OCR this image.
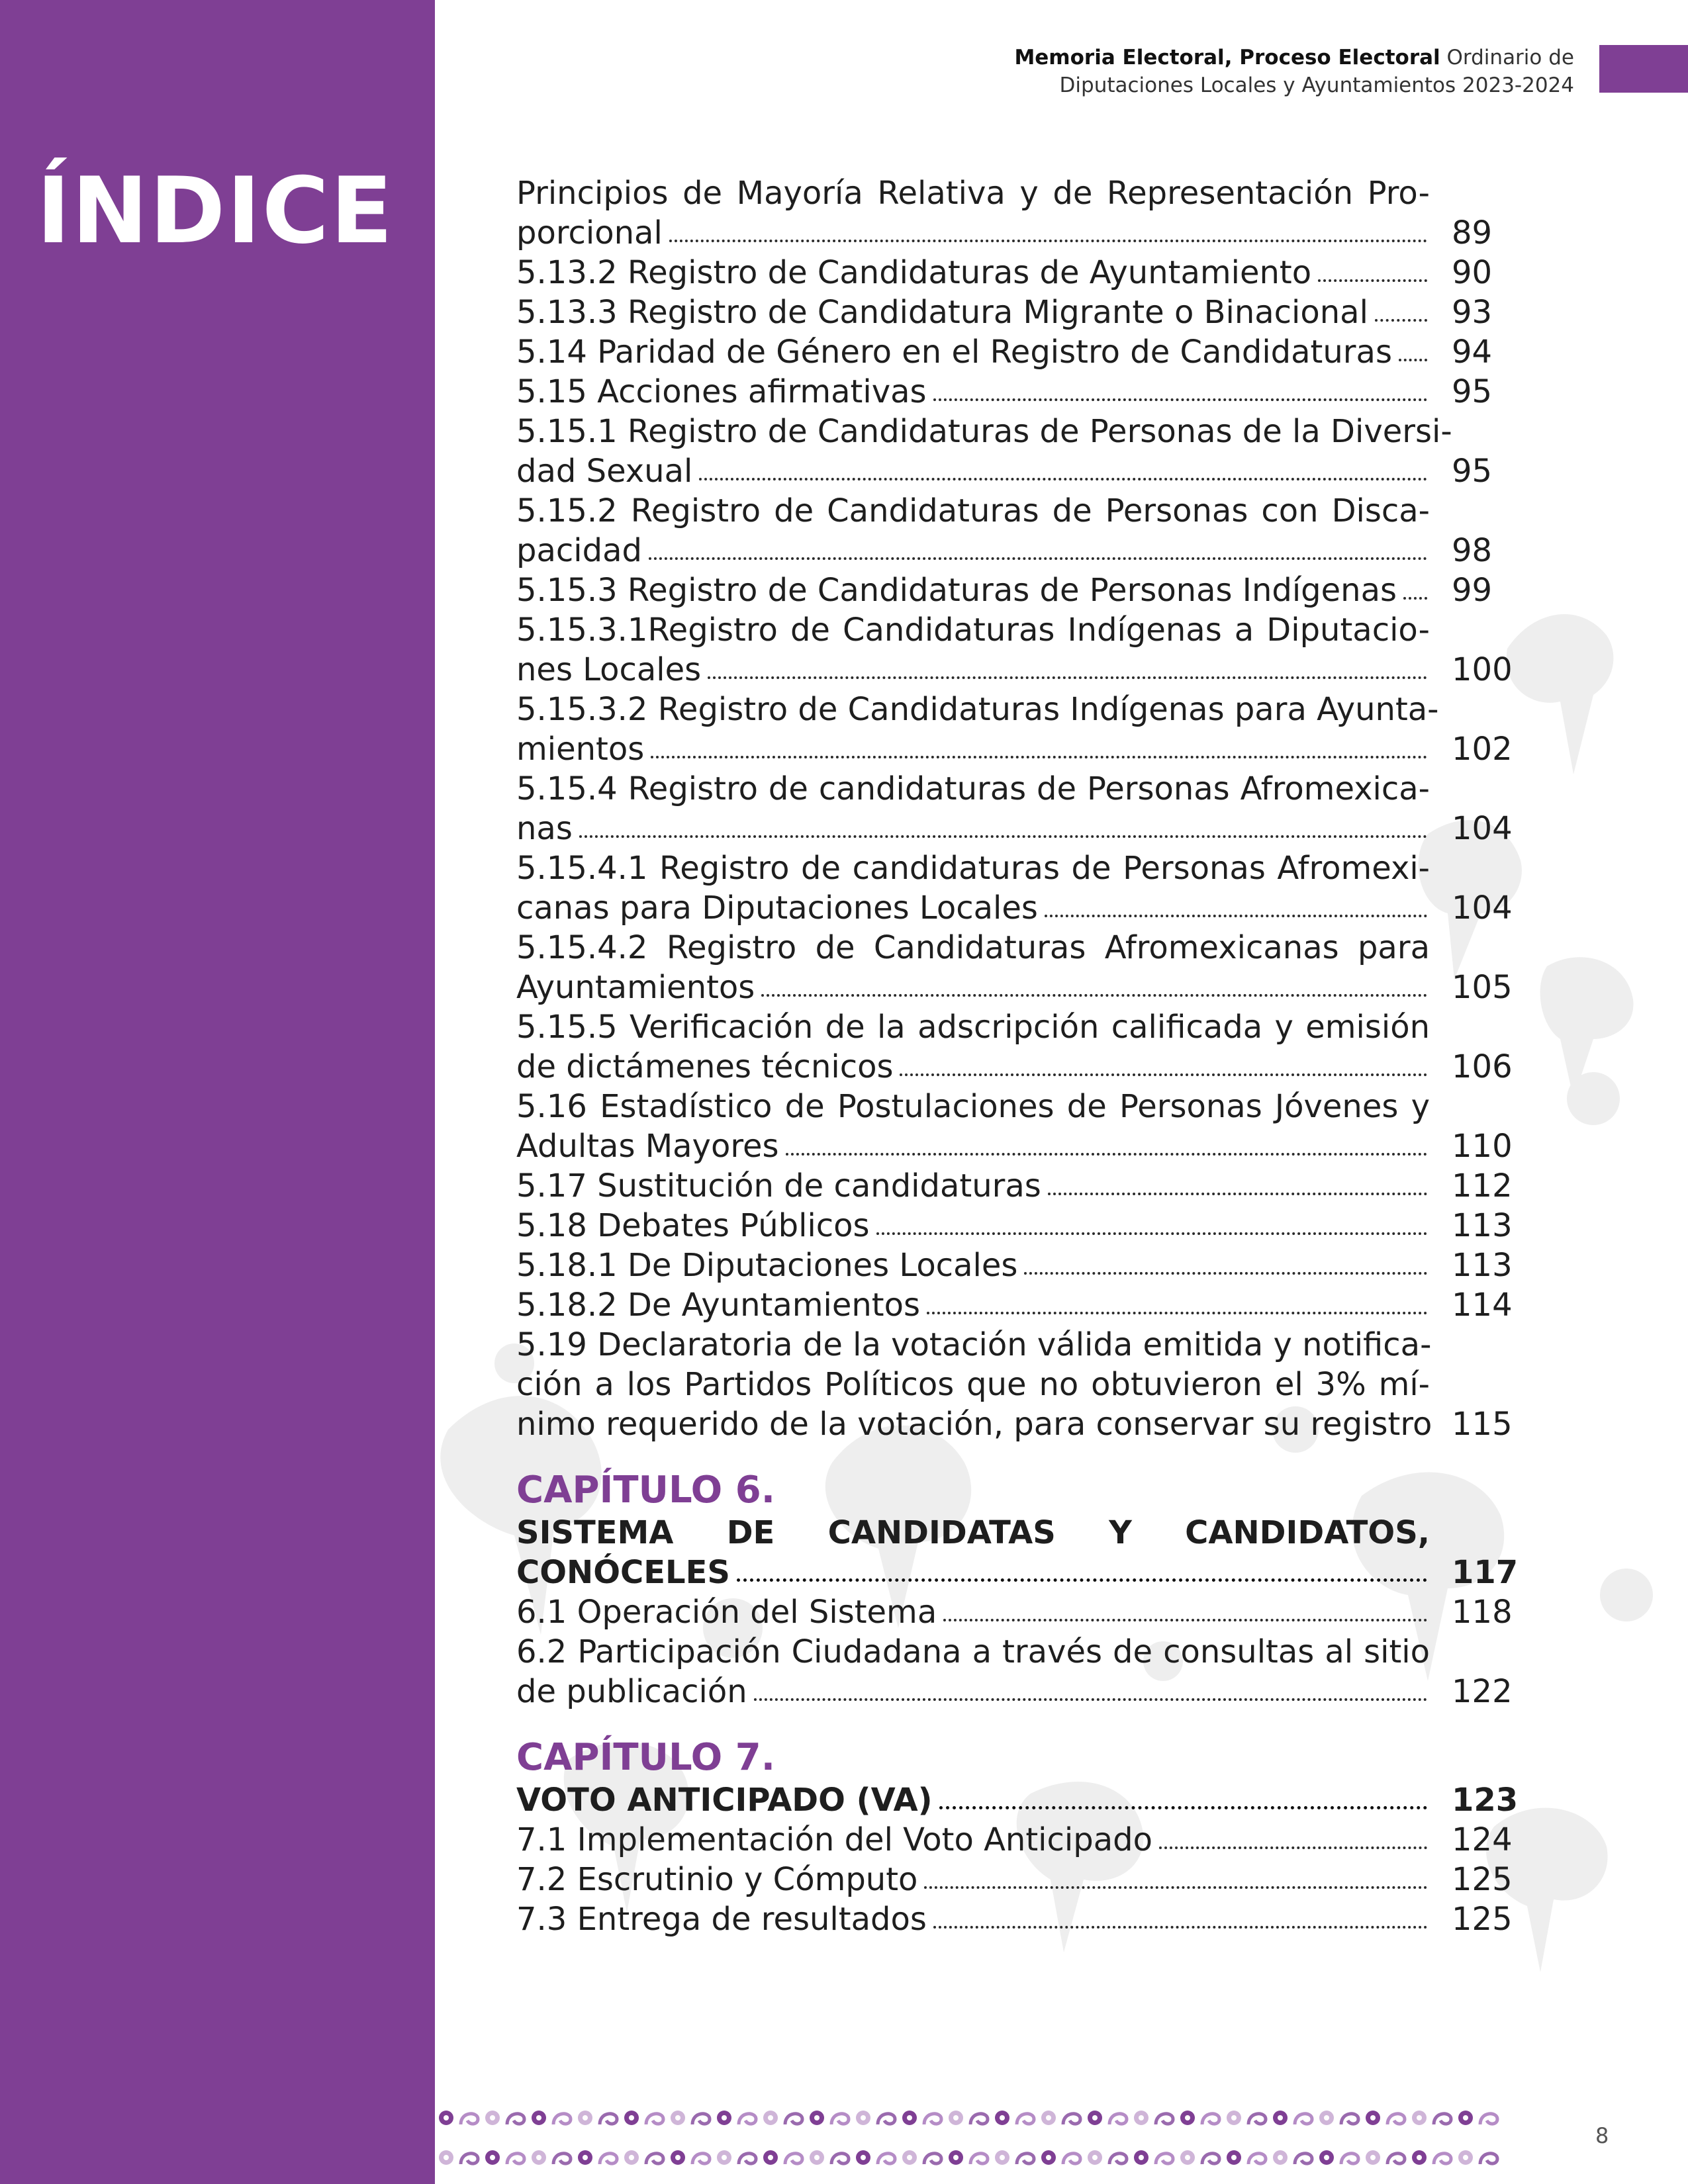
ÍNDICE
Memoria Electoral, Proceso Electoral Ordinario de
Diputaciones Locales y Ayuntamientos 2023-2024
Principios de Mayoría Relativa y de Representación Pro-
porcional	89
5.13.2 Registro de Candidaturas de Ayuntamiento	90
5.13.3 Registro de Candidatura Migrante o Binacional	93
5.14 Paridad de Género en el Registro de Candidaturas 94
5.15 Acciones afirmativas	95
5.15.1 Registro de Candidaturas de Personas de la Diversi-
dad Sexual	95
5.15.2 Registro de Candidaturas de Personas con Disca-
pacidad	98
5.15.3 Registro de Candidaturas de Personas Indígenas 99
5.15.3.1Registro de Candidaturas Indígenas a Diputacio-
nes Locales	100
5.15.3.2 Registro de Candidaturas Indígenas para Ayunta-
mientos	102
5.15.4 Registro de candidaturas de Personas Afromexica-
nas	104
5.15.4.1 Registro de candidaturas de Personas Afromexi-
canas para Diputaciones Locales	104
5.15.4.2 Registro de Candidaturas Afromexicanas para
Ayuntamientos	105
5.15.5 Verificación de la adscripción calificada y emisión
de dictámenes técnicos	106
5.16 Estadístico de Postulaciones de Personas Jóvenes y
Adultas Mayores	110
5.17 Sustitución de candidaturas	112
5.18 Debates Públicos	113
5.18.1 De Diputaciones Locales	113
5.18.2 De Ayuntamientos	114
5.19 Declaratoria de la votación válida emitida y notifica-
ción a los Partidos Políticos que no obtuvieron el 3% mí-
nimo requerido de la votación, para conservar su registro 115
CAPÍTULO 6.
SISTEMA DE CANDIDATAS Y CANDIDATOS,
CONÓCELES	117
6.1 Operación del Sistema	118
6.2 Participación Ciudadana a través de consultas al sitio
de publicación	122
CAPÍTULO 7.
VOTO ANTICIPADO (VA)	123
7.1 Implementación del Voto Anticipado	124
7.2 Escrutinio y Cómputo	125
7.3 Entrega de resultados	125
8
